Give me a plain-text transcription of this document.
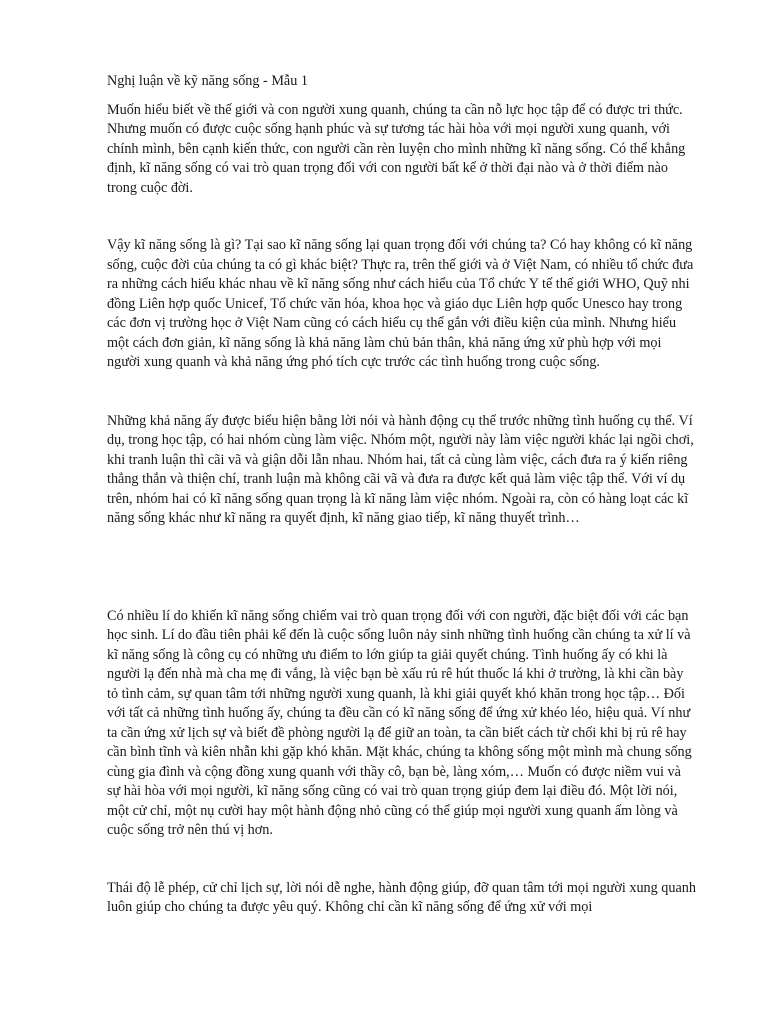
Nghị luận về kỹ năng sống - Mẫu 1

Muốn hiểu biết về thế giới và con người xung quanh, chúng ta cần nỗ lực học tập để có được tri thức. Nhưng muốn có được cuộc sống hạnh phúc và sự tương tác hài hòa với mọi người xung quanh, với chính mình, bên cạnh kiến thức, con người cần rèn luyện cho mình những kĩ năng sống. Có thể khẳng định, kĩ năng sống có vai trò quan trọng đối với con người bất kể ở thời đại nào và ở thời điểm nào trong cuộc đời.

Vậy kĩ năng sống là gì? Tại sao kĩ năng sống lại quan trọng đối với chúng ta? Có hay không có kĩ năng sống, cuộc đời của chúng ta có gì khác biệt? Thực ra, trên thế giới và ở Việt Nam, có nhiều tổ chức đưa ra những cách hiểu khác nhau về kĩ năng sống như cách hiểu của Tổ chức Y tế thế giới WHO, Quỹ nhi đồng Liên hợp quốc Unicef, Tổ chức văn hóa, khoa học và giáo dục Liên hợp quốc Unesco hay trong các đơn vị trường học ở Việt Nam cũng có cách hiểu cụ thể gắn với điều kiện của mình. Nhưng hiểu một cách đơn giản, kĩ năng sống là khả năng làm chủ bản thân, khả năng ứng xử phù hợp với mọi người xung quanh và khả năng ứng phó tích cực trước các tình huống trong cuộc sống.

Những khả năng ấy được biểu hiện bằng lời nói và hành động cụ thể trước những tình huống cụ thể. Ví dụ, trong học tập, có hai nhóm cùng làm việc. Nhóm một, người này làm việc người khác lại ngồi chơi, khi tranh luận thì cãi vã và giận dỗi lẫn nhau. Nhóm hai, tất cả cùng làm việc, cách đưa ra ý kiến riêng thẳng thắn và thiện chí, tranh luận mà không cãi vã và đưa ra được kết quả làm việc tập thể. Với ví dụ trên, nhóm hai có kĩ năng sống quan trọng là kĩ năng làm việc nhóm. Ngoài ra, còn có hàng loạt các kĩ năng sống khác như kĩ năng ra quyết định, kĩ năng giao tiếp, kĩ năng thuyết trình…

Có nhiều lí do khiến kĩ năng sống chiếm vai trò quan trọng đối với con người, đặc biệt đối với các bạn học sinh. Lí do đầu tiên phải kể đến là cuộc sống luôn nảy sinh những tình huống cần chúng ta xử lí và kĩ năng sống là công cụ có những ưu điểm to lớn giúp ta giải quyết chúng. Tình huống ấy có khi là người lạ đến nhà mà cha mẹ đi vắng, là việc bạn bè xấu rủ rê hút thuốc lá khi ở trường, là khi cần bày tỏ tình cảm, sự quan tâm tới những người xung quanh, là khi giải quyết khó khăn trong học tập… Đối với tất cả những tình huống ấy, chúng ta đều cần có kĩ năng sống để ứng xử khéo léo, hiệu quả. Ví như ta cần ứng xử lịch sự và biết đề phòng người lạ để giữ an toàn, ta cần biết cách từ chối khi bị rủ rê hay cần bình tĩnh và kiên nhẫn khi gặp khó khăn. Mặt khác, chúng ta không sống một mình mà chung sống cùng gia đình và cộng đồng xung quanh với thầy cô, bạn bè, làng xóm,… Muốn có được niềm vui và sự hài hòa với mọi người, kĩ năng sống cũng có vai trò quan trọng giúp đem lại điều đó. Một lời nói, một cử chỉ, một nụ cười hay một hành động nhỏ cũng có thể giúp mọi người xung quanh ấm lòng và cuộc sống trở nên thú vị hơn.

Thái độ lễ phép, cử chỉ lịch sự, lời nói dễ nghe, hành động giúp, đỡ quan tâm tới mọi người xung quanh luôn giúp cho chúng ta được yêu quý. Không chỉ cần kĩ năng sống để ứng xử với mọi
